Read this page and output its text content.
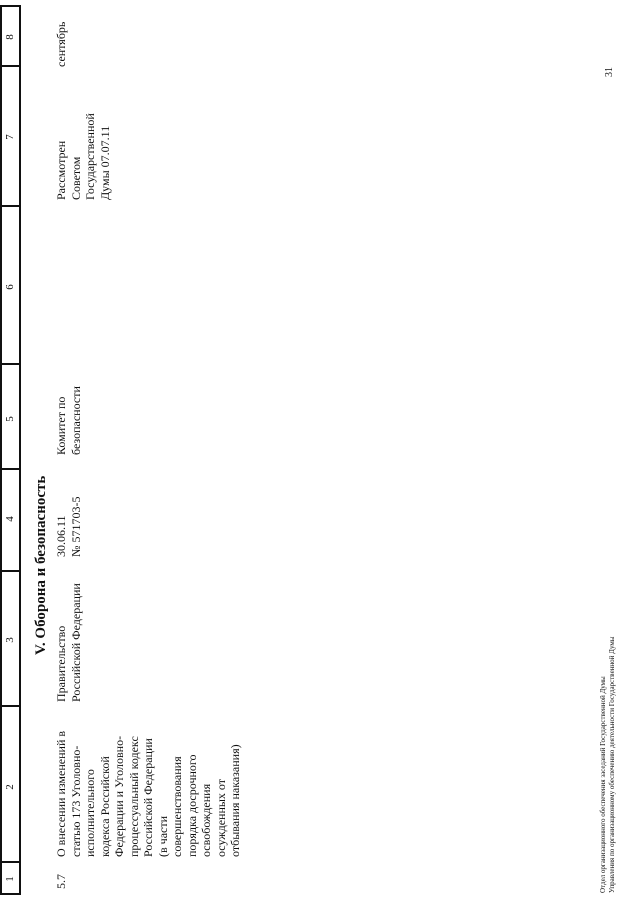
1
2
3
4
5
6
7
8
V. Оборона и безопасность
5.7
О внесении изменений в
статью 173 Уголовно-
исполнительного
кодекса Российской
Федерации и Уголовно-
процессуальный кодекс
Российской Федерации
(в части
совершенствования
порядка досрочного
освобождения
осужденных от
отбывания наказания)
Правительство
Российской Федерации
30.06.11
№ 571703-5
Комитет по
безопасности
Рассмотрен
Советом
Государственной
Думы 07.07.11
сентябрь
Отдел организационного обеспечения заседаний Государственной Думы
Управления по организационному обеспечению деятельности Государственной Думы
31
